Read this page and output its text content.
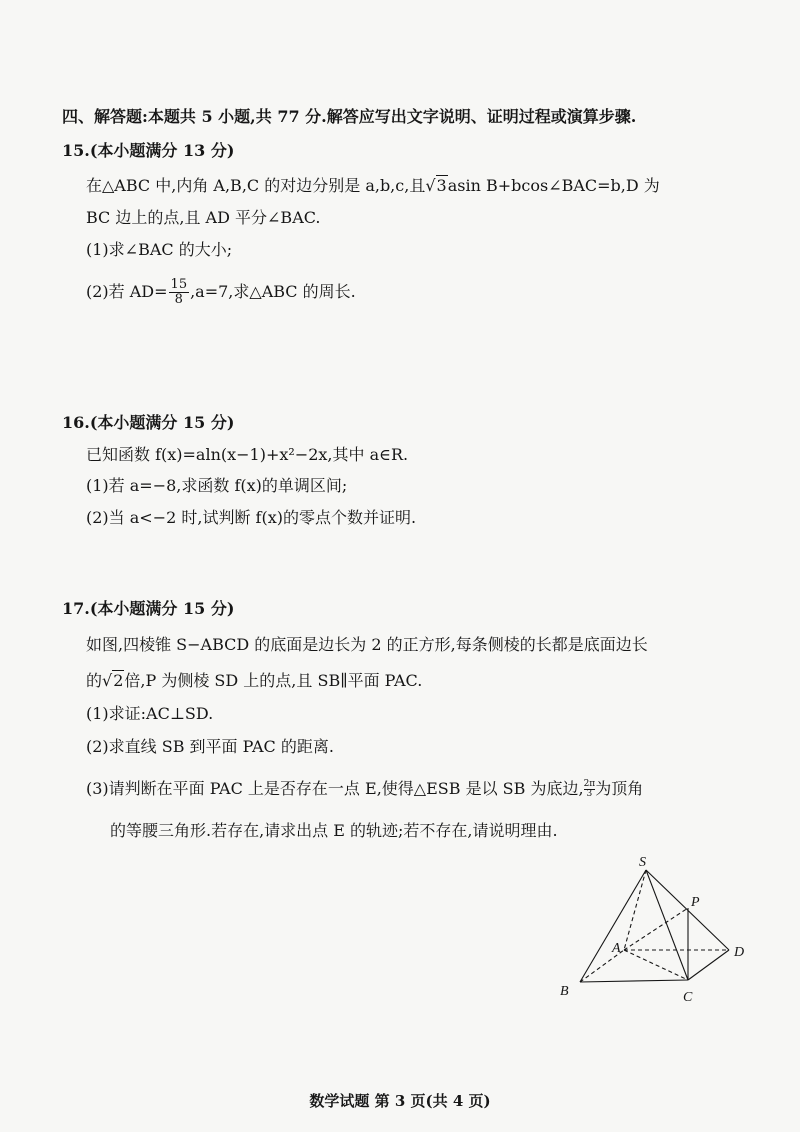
四、解答题:本题共 5 小题,共 77 分.解答应写出文字说明、证明过程或演算步骤.
15.(本小题满分 13 分)
在△ABC 中,内角 A,B,C 的对边分别是 a,b,c,且√3asin B+bcos∠BAC=b,D 为
BC 边上的点,且 AD 平分∠BAC.
(1)求∠BAC 的大小;
(2)若 $AD= \frac{15}{8} ,a=7$,求△ABC 的周长.
16.(本小题满分 15 分)
已知函数 f(x)=aln(x−1)+x²−2x,其中 a∈R.
(1)若 a=−8,求函数 f(x)的单调区间;
(2)当 a<−2 时,试判断 f(x)的零点个数并证明.
17.(本小题满分 15 分)
如图,四棱锥 S−ABCD 的底面是边长为 2 的正方形,每条侧棱的长都是底面边长
的√2倍,P 为侧棱 SD 上的点,且 SB∥平面 PAC.
(1)求证:AC⊥SD.
(2)求直线 SB 到平面 PAC 的距离.
(3)请判断在平面 PAC 上是否存在一点 E,使得△ESB 是以 SB 为底边, $\frac{2\pi}{3}$为顶角
的等腰三角形.若存在,请求出点 E 的轨迹;若不存在,请说明理由.
S
P
A	D
B	C
数学试题 第 3 页(共 4 页)
